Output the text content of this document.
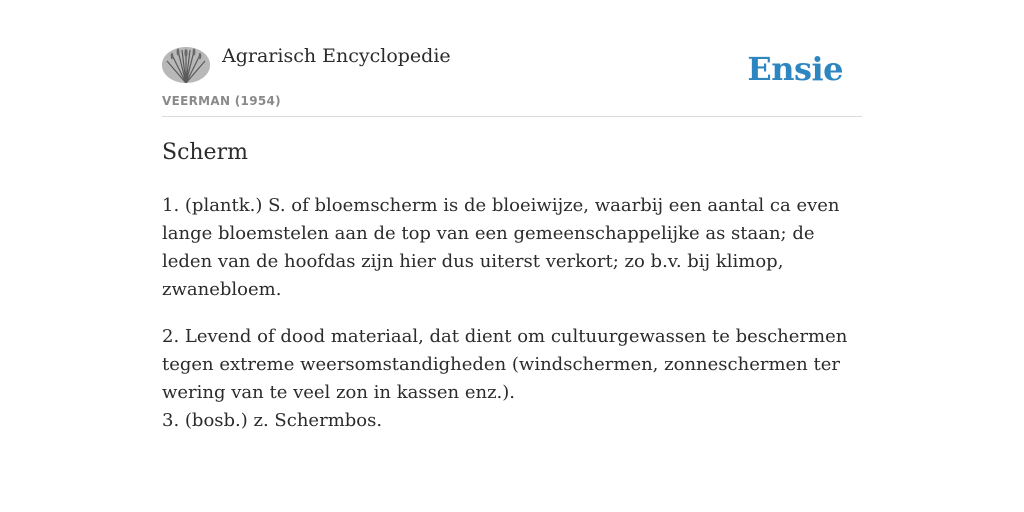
Agrarisch Encyclopedie	Ensie
VEERMAN (1954)
Scherm

1. (plantk.) S. of bloemscherm is de bloeiwijze, waarbij een aantal ca even lange bloemstelen aan de top van een gemeenschappelijke as staan; de leden van de hoofdas zijn hier dus uiterst verkort; zo b.v. bij klimop, zwanebloem.

2. Levend of dood materiaal, dat dient om cultuurgewassen te beschermen tegen extreme weersomstandigheden (windschermen, zonneschermen ter wering van te veel zon in kassen enz.).

3. (bosb.) z. Schermbos.
